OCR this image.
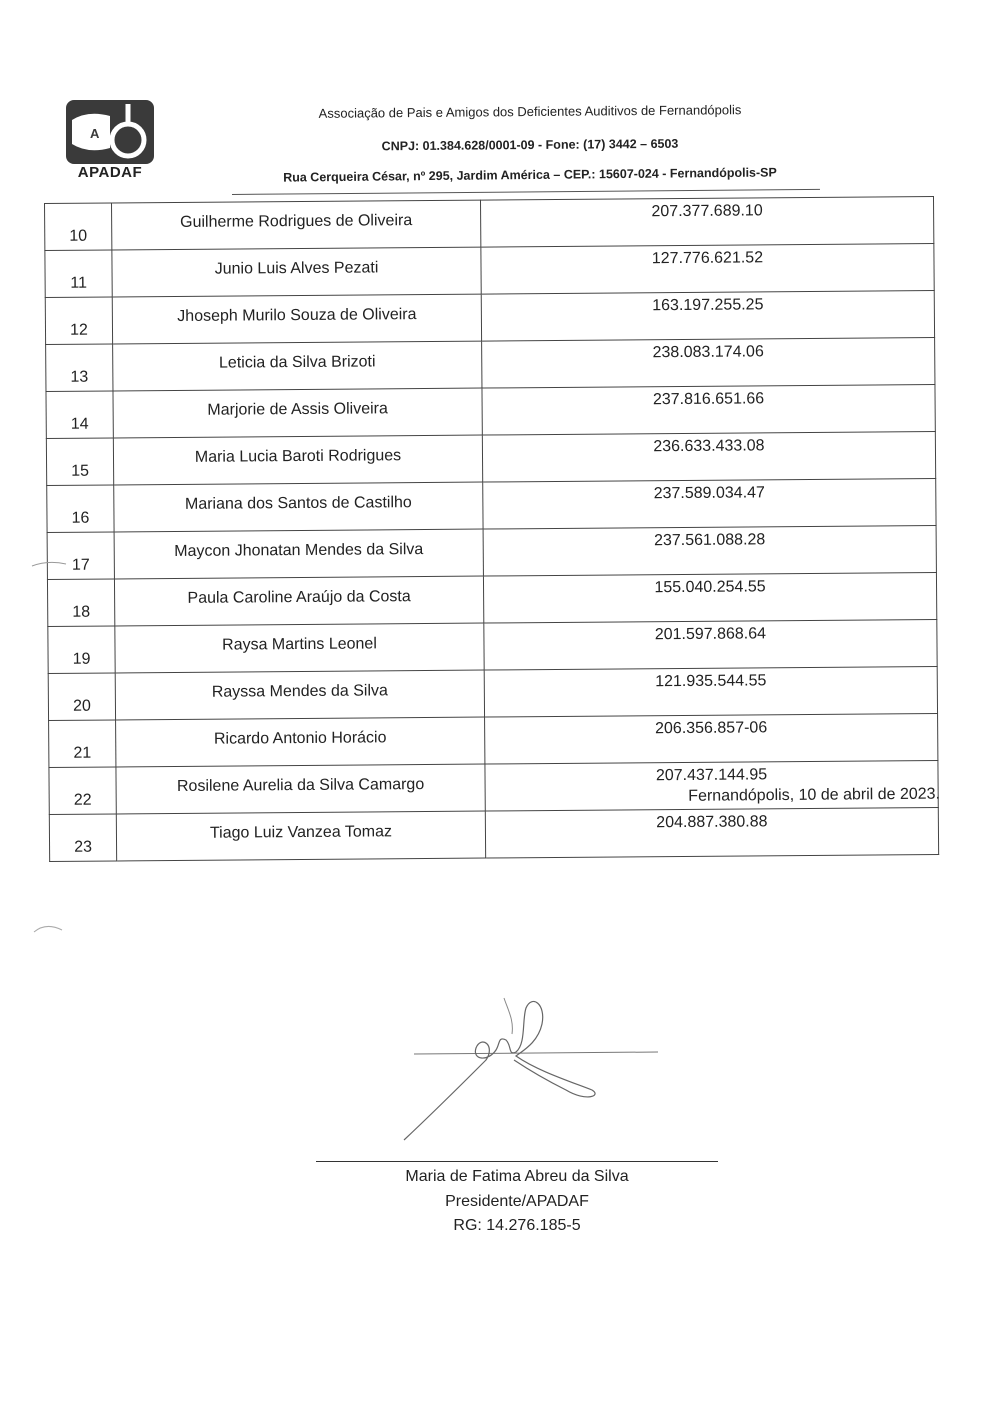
A
APADAF
Associação de Pais e Amigos dos Deficientes Auditivos de Fernandópolis
CNPJ: 01.384.628/0001-09 - Fone: (17) 3442 – 6503
Rua Cerqueira César, nº 295, Jardim América – CEP.: 15607-024 - Fernandópolis-SP
10	Guilherme Rodrigues de Oliveira	207.377.689.10
11	Junio Luis Alves Pezati	127.776.621.52
12	Jhoseph Murilo Souza de Oliveira	163.197.255.25
13	Leticia da Silva Brizoti	238.083.174.06
14	Marjorie de Assis Oliveira	237.816.651.66
15	Maria Lucia Baroti Rodrigues	236.633.433.08
16	Mariana dos Santos de Castilho	237.589.034.47
17	Maycon Jhonatan Mendes da Silva	237.561.088.28
18	Paula Caroline Araújo da Costa	155.040.254.55
19	Raysa Martins Leonel	201.597.868.64
20	Rayssa Mendes da Silva	121.935.544.55
21	Ricardo Antonio Horácio	206.356.857-06
22	Rosilene Aurelia da Silva Camargo	207.437.144.95
23	Tiago Luiz Vanzea Tomaz	204.887.380.88
Fernandópolis, 10 de abril de 2023.
Maria de Fatima Abreu da Silva
Presidente/APADAF
RG: 14.276.185-5
